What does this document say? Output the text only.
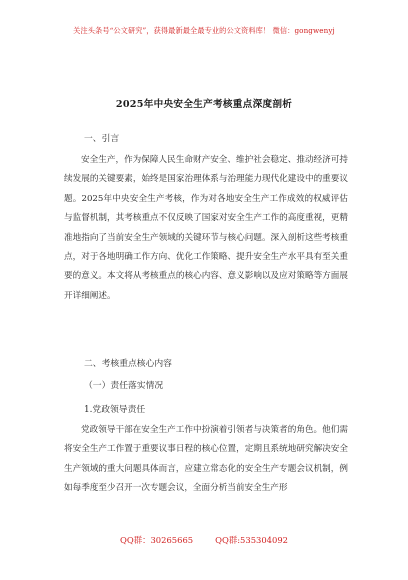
关注头条号“公文研究”，获得最新最全最专业的公文资料库！ 微信：gongwenyj
2025年中央安全生产考核重点深度剖析
一、引言
安全生产，作为保障人民生命财产安全、维护社会稳定、推动经济可持续发展的关键要素，始终是国家治理体系与治理能力现代化建设中的重要议题。2025年中央安全生产考核，作为对各地安全生产工作成效的权威评估与监督机制，其考核重点不仅反映了国家对安全生产工作的高度重视，更精准地指向了当前安全生产领域的关键环节与核心问题。深入剖析这些考核重点，对于各地明确工作方向、优化工作策略、提升安全生产水平具有至关重要的意义。本文将从考核重点的核心内容、意义影响以及应对策略等方面展开详细阐述。
二、考核重点核心内容
（一）责任落实情况
1.党政领导责任
党政领导干部在安全生产工作中扮演着引领者与决策者的角色。他们需将安全生产工作置于重要议事日程的核心位置，定期且系统地研究解决安全生产领域的重大问题具体而言，应建立常态化的安全生产专题会议机制，例如每季度至少召开一次专题会议，全面分析当前安全生产形
QQ群：30265665	QQ群:535304092
